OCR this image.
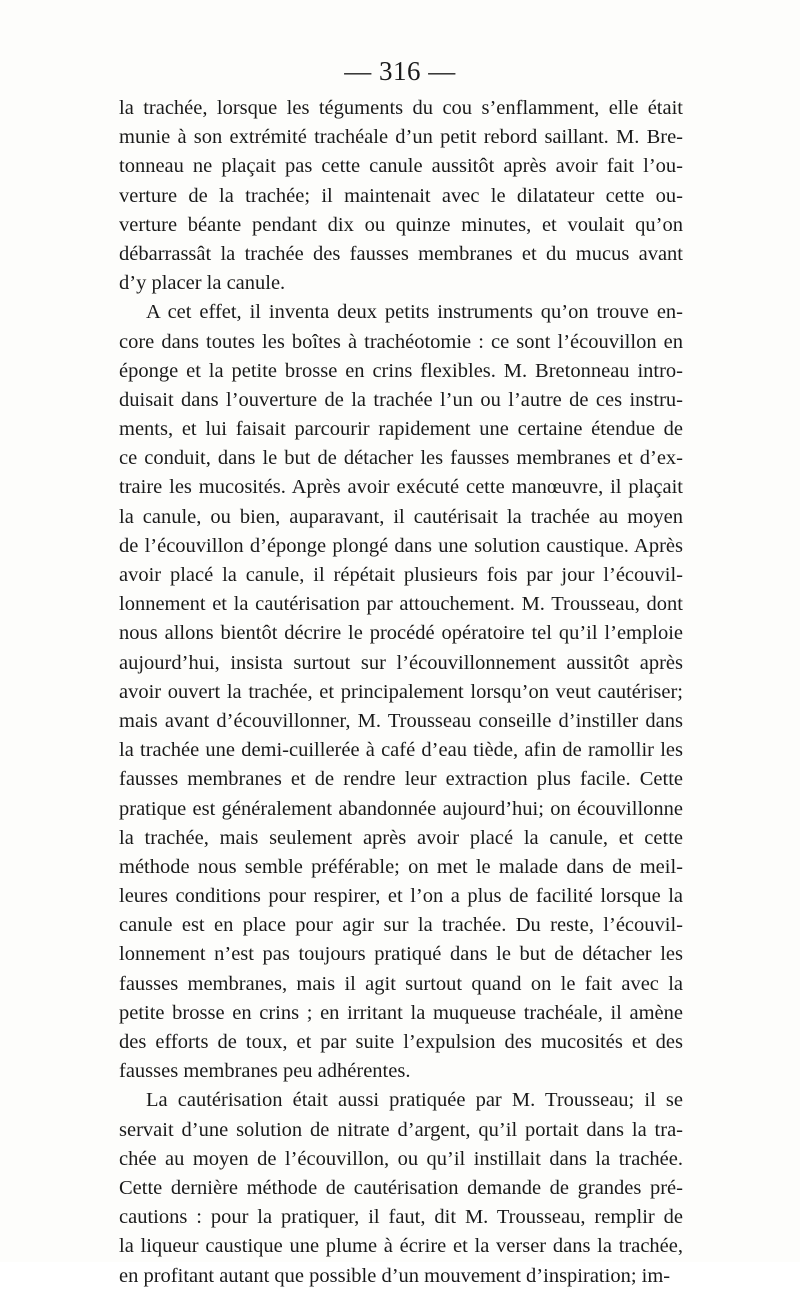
— 316 —
la trachée, lorsque les téguments du cou s’enflamment, elle était
munie à son extrémité trachéale d’un petit rebord saillant. M. Bre-
tonneau ne plaçait pas cette canule aussitôt après avoir fait l’ou-
verture de la trachée; il maintenait avec le dilatateur cette ou-
verture béante pendant dix ou quinze minutes, et voulait qu’on
débarrassât la trachée des fausses membranes et du mucus avant
d’y placer la canule.
A cet effet, il inventa deux petits instruments qu’on trouve en-
core dans toutes les boîtes à trachéotomie : ce sont l’écouvillon en
éponge et la petite brosse en crins flexibles. M. Bretonneau intro-
duisait dans l’ouverture de la trachée l’un ou l’autre de ces instru-
ments, et lui faisait parcourir rapidement une certaine étendue de
ce conduit, dans le but de détacher les fausses membranes et d’ex-
traire les mucosités. Après avoir exécuté cette manœuvre, il plaçait
la canule, ou bien, auparavant, il cautérisait la trachée au moyen
de l’écouvillon d’éponge plongé dans une solution caustique. Après
avoir placé la canule, il répétait plusieurs fois par jour l’écouvil-
lonnement et la cautérisation par attouchement. M. Trousseau, dont
nous allons bientôt décrire le procédé opératoire tel qu’il l’emploie
aujourd’hui, insista surtout sur l’écouvillonnement aussitôt après
avoir ouvert la trachée, et principalement lorsqu’on veut cautériser;
mais avant d’écouvillonner, M. Trousseau conseille d’instiller dans
la trachée une demi-cuillerée à café d’eau tiède, afin de ramollir les
fausses membranes et de rendre leur extraction plus facile. Cette
pratique est généralement abandonnée aujourd’hui; on écouvillonne
la trachée, mais seulement après avoir placé la canule, et cette
méthode nous semble préférable; on met le malade dans de meil-
leures conditions pour respirer, et l’on a plus de facilité lorsque la
canule est en place pour agir sur la trachée. Du reste, l’écouvil-
lonnement n’est pas toujours pratiqué dans le but de détacher les
fausses membranes, mais il agit surtout quand on le fait avec la
petite brosse en crins ; en irritant la muqueuse trachéale, il amène
des efforts de toux, et par suite l’expulsion des mucosités et des
fausses membranes peu adhérentes.
La cautérisation était aussi pratiquée par M. Trousseau; il se
servait d’une solution de nitrate d’argent, qu’il portait dans la tra-
chée au moyen de l’écouvillon, ou qu’il instillait dans la trachée.
Cette dernière méthode de cautérisation demande de grandes pré-
cautions : pour la pratiquer, il faut, dit M. Trousseau, remplir de
la liqueur caustique une plume à écrire et la verser dans la trachée,
en profitant autant que possible d’un mouvement d’inspiration; im-
